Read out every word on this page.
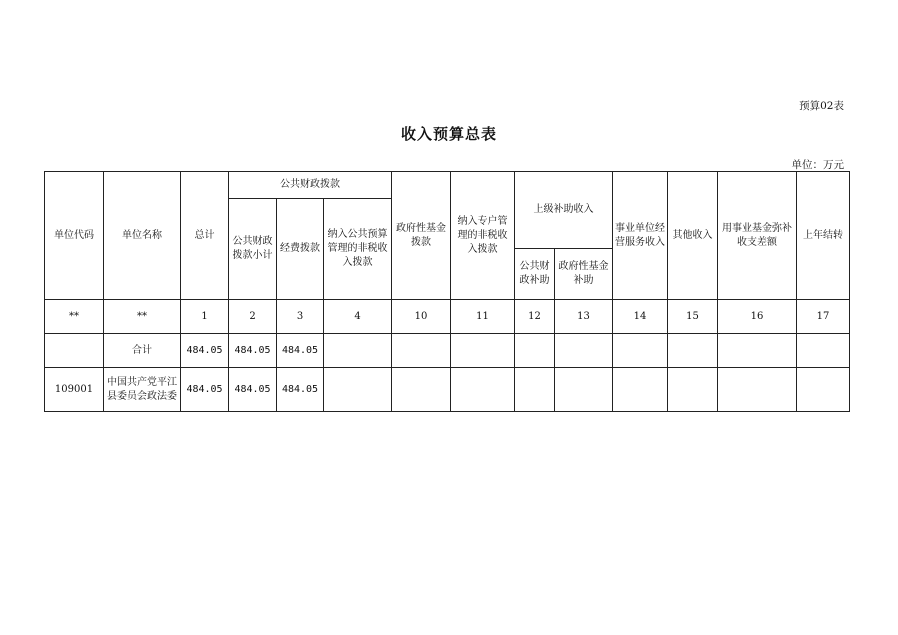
预算02表
收入预算总表
单位：万元
单位代码	单位名称	总计	公共财政拨款			政府性基金拨款	纳入专户管理的非税收入拨款	上级补助收入		事业单位经营服务收入	其他收入	用事业基金弥补收支差额	上年结转
			公共财政拨款小计	经费拨款	纳入公共预算管理的非税收入拨款								
								公共财政补助	政府性基金补助				
**	**	1	2	3	4	10	11	12	13	14	15	16	17
	合计	484.05	484.05	484.05									
109001	中国共产党平江县委员会政法委	484.05	484.05	484.05									
